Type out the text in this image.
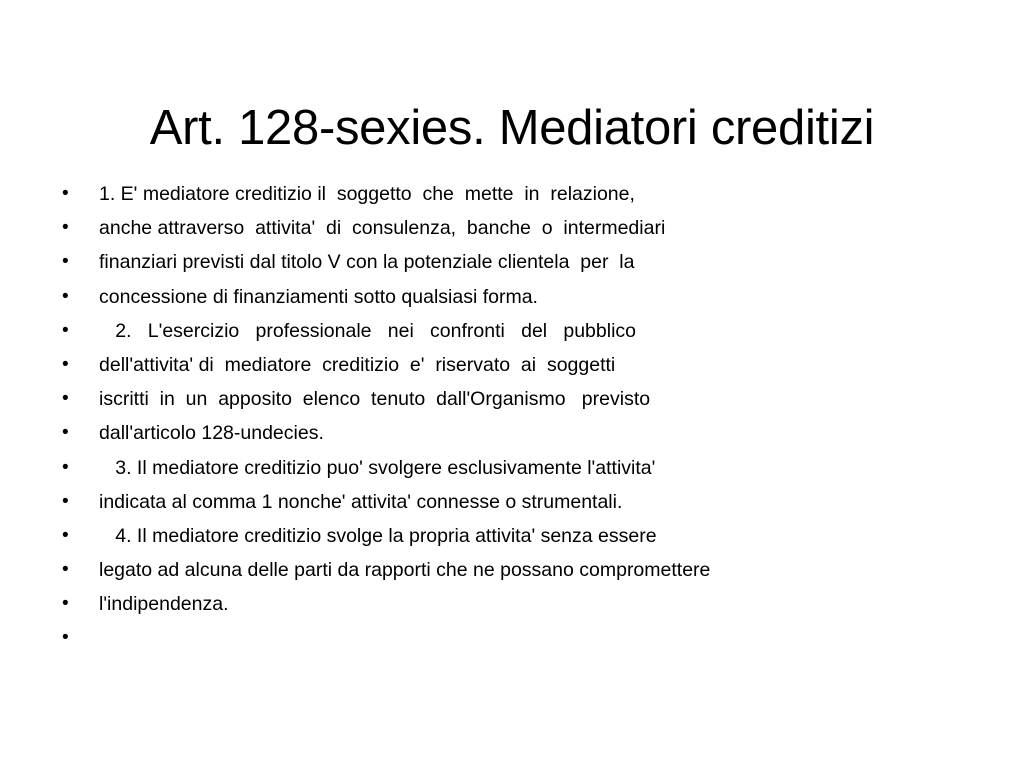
Art. 128-sexies. Mediatori creditizi
• 1. E' mediatore creditizio il  soggetto  che  mette  in  relazione,
• anche attraverso  attivita'  di  consulenza,  banche  o  intermediari
• finanziari previsti dal titolo V con la potenziale clientela  per  la
• concessione di finanziamenti sotto qualsiasi forma.
• 2.   L'esercizio   professionale   nei   confronti   del   pubblico
• dell'attivita' di  mediatore  creditizio  e'  riservato  ai  soggetti
• iscritti  in  un  apposito  elenco  tenuto  dall'Organismo   previsto
• dall'articolo 128-undecies.
• 3. Il mediatore creditizio puo' svolgere esclusivamente l'attivita'
• indicata al comma 1 nonche' attivita' connesse o strumentali.
• 4. Il mediatore creditizio svolge la propria attivita' senza essere
• legato ad alcuna delle parti da rapporti che ne possano compromettere
• l'indipendenza.
•
